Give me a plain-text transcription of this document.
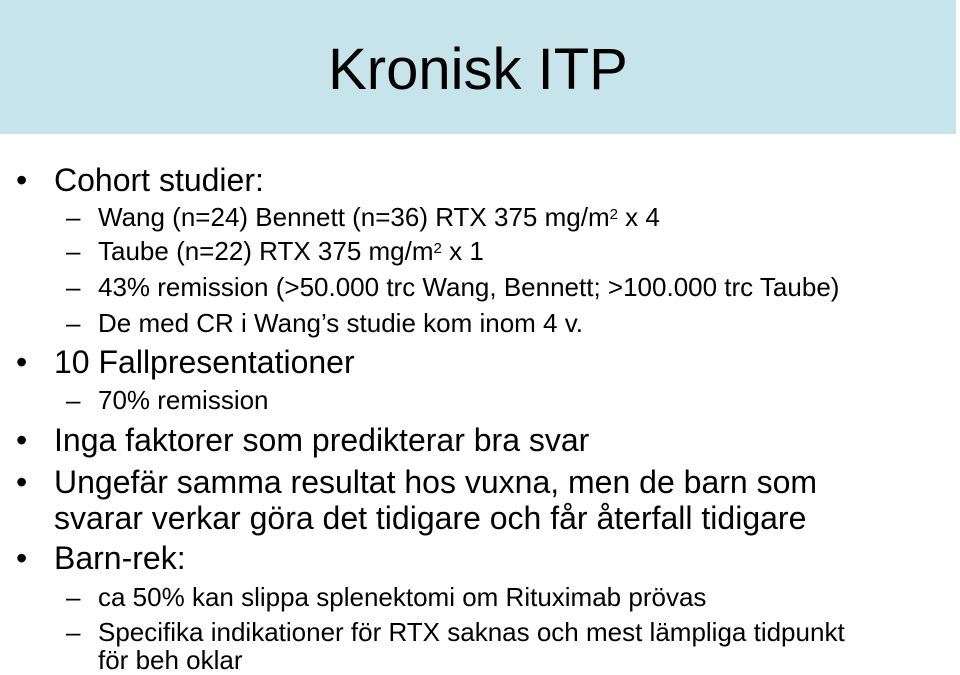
Kronisk ITP
• Cohort studier:
– Wang (n=24) Bennett (n=36) RTX 375 $mg/m^2$ x 4
– Taube (n=22) RTX 375 $mg/m^2$ x 1
– 43% remission (>50.000 trc Wang, Bennett; >100.000 trc Taube)
– De med CR i Wang’s studie kom inom 4 v.
• 10 Fallpresentationer
– 70% remission
• Inga faktorer som predikterar bra svar
• Ungefär samma resultat hos vuxna, men de barn som
svarar verkar göra det tidigare och får återfall tidigare
• Barn-rek:
– ca 50% kan slippa splenektomi om Rituximab prövas
– Specifika indikationer för RTX saknas och mest lämpliga tidpunkt
för beh oklar
